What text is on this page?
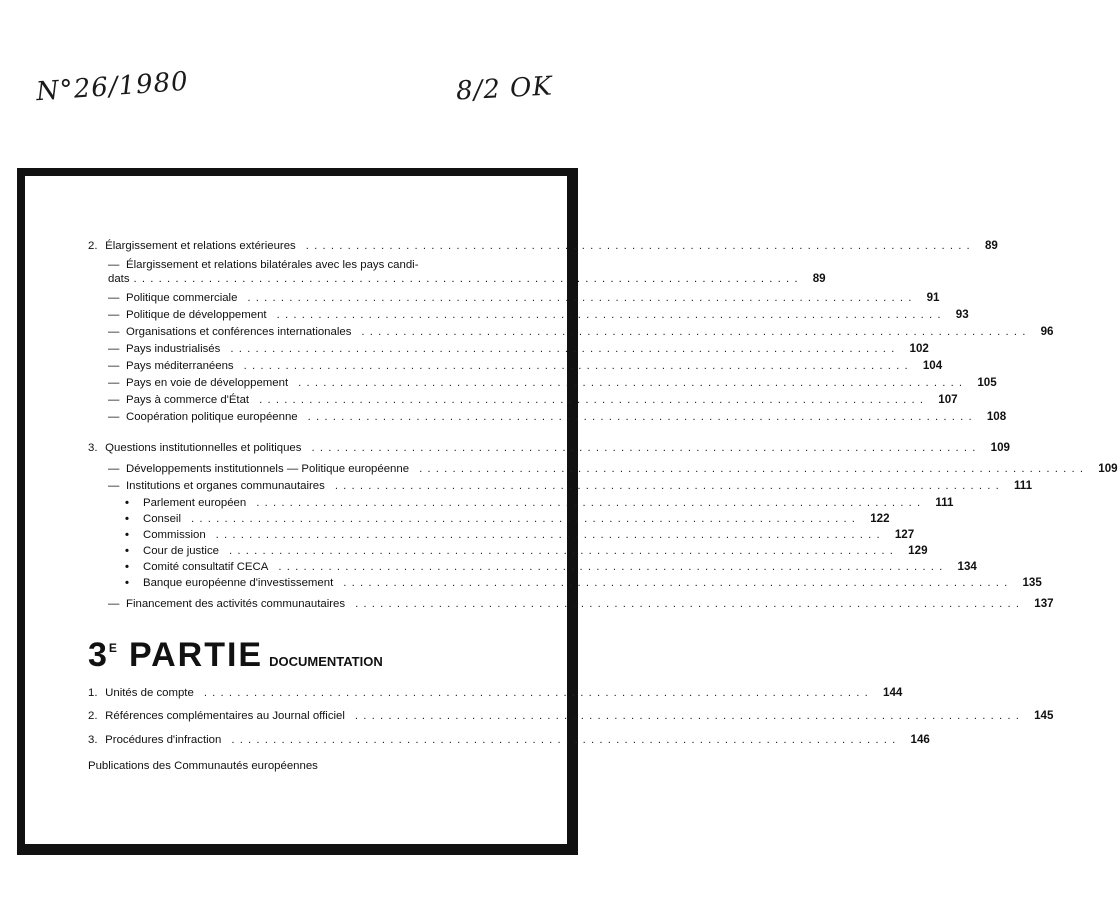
N°26/1980	8/2 OK
2. Élargissement et relations extérieures ................................................................................ 89
— Élargissement et relations bilatérales avec les pays candi-
dats ................................................................................ 89
— Politique commerciale ................................................................................ 91
— Politique de développement ................................................................................ 93
— Organisations et conférences internationales ................................................................................ 96
— Pays industrialisés ................................................................................ 102
— Pays méditerranéens ................................................................................ 104
— Pays en voie de développement ................................................................................ 105
— Pays à commerce d'État ................................................................................ 107
— Coopération politique européenne ................................................................................ 108
3. Questions institutionnelles et politiques ................................................................................ 109
— Développements institutionnels — Politique européenne ................................................................................ 109
— Institutions et organes communautaires ................................................................................ 111
• Parlement européen ................................................................................ 111
• Conseil ................................................................................ 122
• Commission ................................................................................ 127
• Cour de justice ................................................................................ 129
• Comité consultatif CECA ................................................................................ 134
• Banque européenne d'investissement ................................................................................ 135
— Financement des activités communautaires ................................................................................ 137
3 E PARTIE DOCUMENTATION
1. Unités de compte ................................................................................ 144
2. Références complémentaires au Journal officiel ................................................................................ 145
3. Procédures d'infraction ................................................................................ 146
Publications des Communautés européennes
